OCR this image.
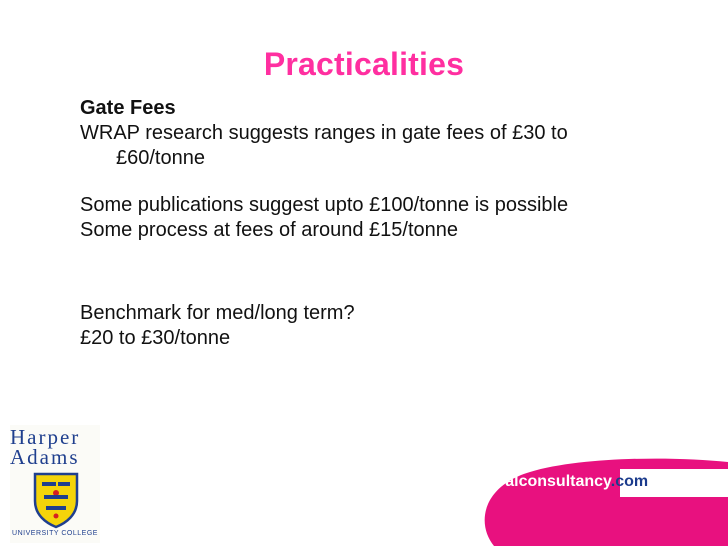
Practicalities
Gate Fees
WRAP research suggests ranges in gate fees of £30 to
£60/tonne
Some publications suggest upto £100/tonne is possible
Some process at fees of around £15/tonne
Benchmark for med/long term?
£20 to £30/tonne
Harper
Adams
UNIVERSITY COLLEGE
ruralconsultancy.com
